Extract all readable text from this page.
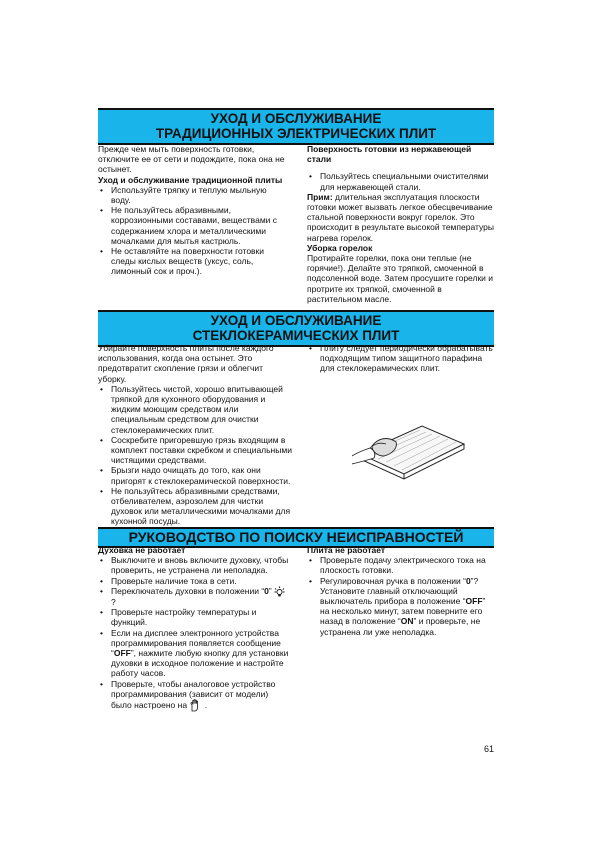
УХОД И ОБСЛУЖИВАНИЕ
ТРАДИЦИОННЫХ ЭЛЕКТРИЧЕСКИХ ПЛИТ

Прежде чем мыть поверхность готовки, отключите ее от сети и подождите, пока она не остынет.

Уход и обслуживание традиционной плиты

• Используйте тряпку и теплую мыльную воду.
• Не пользуйтесь абразивными, коррозионными составами, веществами с содержанием хлора и металлическими мочалками для мытья кастрюль.
• Не оставляйте на поверхности готовки следы кислых веществ (уксус, соль, лимонный сок и проч.).

Поверхность готовки из нержавеющей стали

• Пользуйтесь специальными очистителями для нержавеющей стали.

Прим: длительная эксплуатация плоскости готовки может вызвать легкое обесцвечивание стальной поверхности вокруг горелок. Это происходит в результате высокой температуры нагрева горелок.

Уборка горелок

Протирайте горелки, пока они теплые (не горячие!). Делайте это тряпкой, смоченной в подсоленной воде. Затем просушите горелки и протрите их тряпкой, смоченной в растительном масле.

УХОД И ОБСЛУЖИВАНИЕ
СТЕКЛОКЕРАМИЧЕСКИХ ПЛИТ

Убирайте поверхность плиты после каждого использования, когда она остынет. Это предотвратит скопление грязи и облегчит уборку.

• Пользуйтесь чистой, хорошо впитывающей тряпкой для кухонного оборудования и жидким моющим средством или специальным средством для очистки стеклокерамических плит.
• Соскребите пригоревшую грязь входящим в комплект поставки скребком и специальными чистящими средствами.
• Брызги надо очищать до того, как они пригорят к стеклокерамической поверхности.
• Не пользуйтесь абразивными средствами, отбеливателем, аэрозолем для чистки духовок или металлическими мочалками для кухонной посуды.
• Плиту следует периодически обрабатывать подходящим типом защитного парафина для стеклокерамических плит.
РУКОВОДСТВО ПО ПОИСКУ НЕИСПРАВНОСТЕЙ

Духовка не работает

• Выключите и вновь включите духовку, чтобы проверить, не устранена ли неполадка.
• Проверьте наличие тока в сети.
• Переключатель духовки в положении “0”  ?
• Проверьте настройку температуры и функций.
• Если на дисплее электронного устройства программирования появляется сообщение “OFF”, нажмите любую кнопку для установки духовки в исходное положение и настройте работу часов.
• Проверьте, чтобы аналоговое устройство программирования (зависит от модели) было настроено на  .

Плита не работает

• Проверьте подачу электрического тока на плоскость готовки.
• Регулировочная ручка в положении “0”? Установите главный отключающий выключатель прибора в положение “OFF” на несколько минут, затем поверните его назад в положение “ON” и проверьте, не устранена ли уже неполадка.
61
